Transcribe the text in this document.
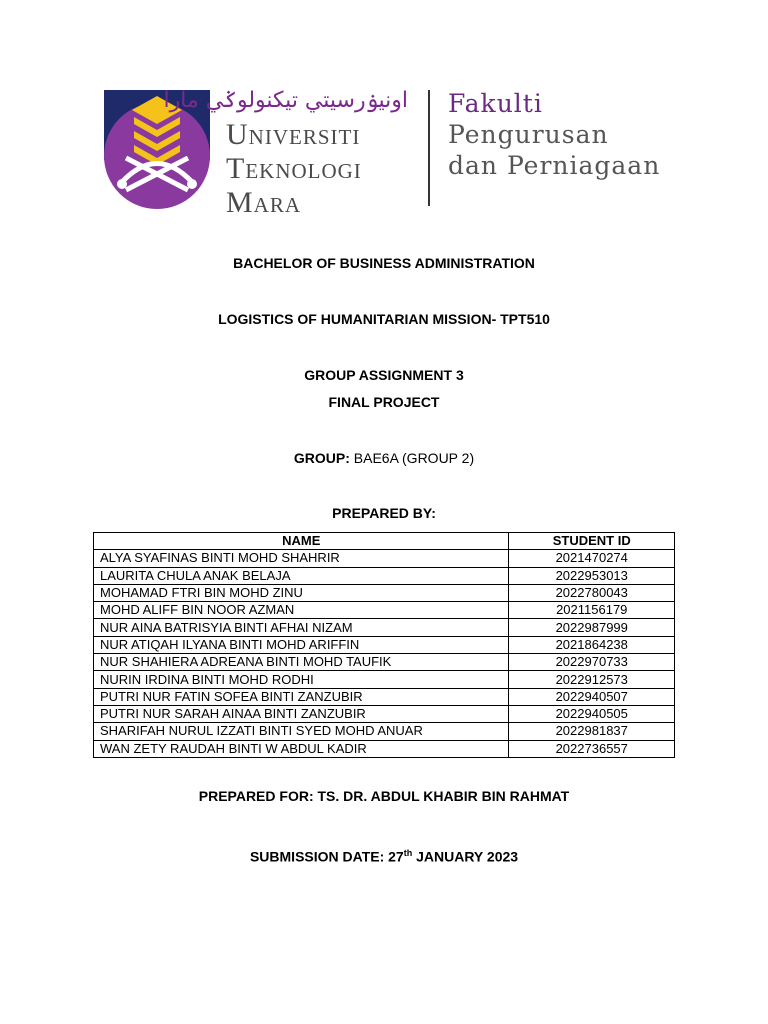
اونيۏرسيتي تيکنولوݢي مارا
Universiti
Teknologi
Mara
Fakulti
Pengurusan
dan Perniagaan
BACHELOR OF BUSINESS ADMINISTRATION
LOGISTICS OF HUMANITARIAN MISSION- TPT510
GROUP ASSIGNMENT 3
FINAL PROJECT
GROUP: BAE6A (GROUP 2)
PREPARED BY:
NAME	STUDENT ID
ALYA SYAFINAS BINTI MOHD SHAHRIR	2021470274
LAURITA CHULA ANAK BELAJA	2022953013
MOHAMAD FTRI BIN MOHD ZINU	2022780043
MOHD ALIFF BIN NOOR AZMAN	2021156179
NUR AINA BATRISYIA BINTI AFHAI NIZAM	2022987999
NUR ATIQAH ILYANA BINTI MOHD ARIFFIN	2021864238
NUR SHAHIERA ADREANA BINTI MOHD TAUFIK	2022970733
NURIN IRDINA BINTI MOHD RODHI	2022912573
PUTRI NUR FATIN SOFEA BINTI ZANZUBIR	2022940507
PUTRI NUR SARAH AINAA BINTI ZANZUBIR	2022940505
SHARIFAH NURUL IZZATI BINTI SYED MOHD ANUAR	2022981837
WAN ZETY RAUDAH BINTI W ABDUL KADIR	2022736557
PREPARED FOR: TS. DR. ABDUL KHABIR BIN RAHMAT
SUBMISSION DATE: 27th JANUARY 2023
